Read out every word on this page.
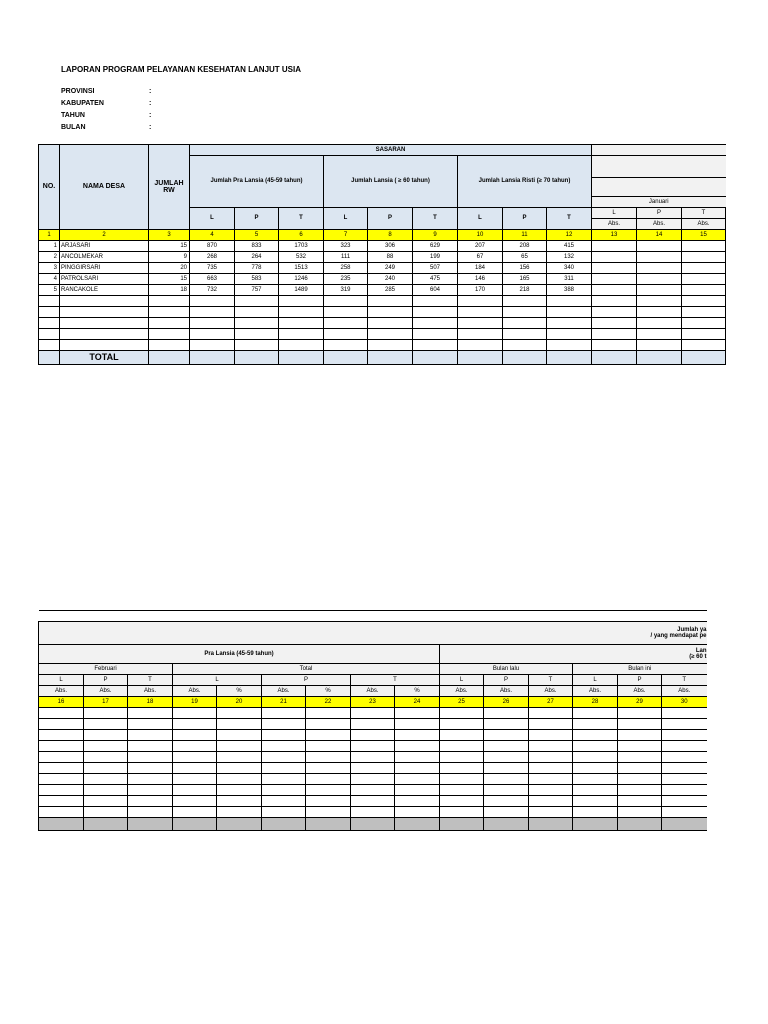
LAPORAN PROGRAM PELAYANAN KESEHATAN LANJUT USIA
PROVINSI	:
KABUPATEN	:
TAHUN	:
BULAN	:
NO.	NAMA DESA	JUMLAH RW	SASARAN											
			Jumlah Pra Lansia (45-59 tahun)			Jumlah Lansia ( ≥ 60 tahun)			Jumlah Lansia Risti (≥ 70 tahun)					

												Januari		
			L	P	T	L	P	T	L	P	T	L	P	T
												Abs.	Abs.	Abs.
1	2	3	4	5	6	7	8	9	10	11	12	13	14	15
1	ARJASARI	15	870	833	1703	323	306	629	207	208	415			
2	ANCOLMEKAR	9	268	264	532	111	88	199	67	65	132			
3	PINGGIRSARI	20	735	778	1513	258	249	507	184	156	340			
4	PATROLSARI	15	663	583	1246	235	240	475	146	165	311			
5	RANCAKOLE	18	732	757	1489	319	285	604	170	218	388			

	TOTAL													

Jumlah ya
/ yang mendapat pe														

Pra Lansia (45-59 tahun)									Lan
(≥ 60 t					

Februari			Total						Bulan lalu			Bulan ini		
L	P	T	L		P		T		L	P	T	L	P	T
Abs.	Abs.	Abs.	Abs.	%	Abs.	%	Abs.	%	Abs.	Abs.	Abs.	Abs.	Abs.	Abs.
16	17	18	19	20	21	22	23	24	25	26	27	28	29	30
